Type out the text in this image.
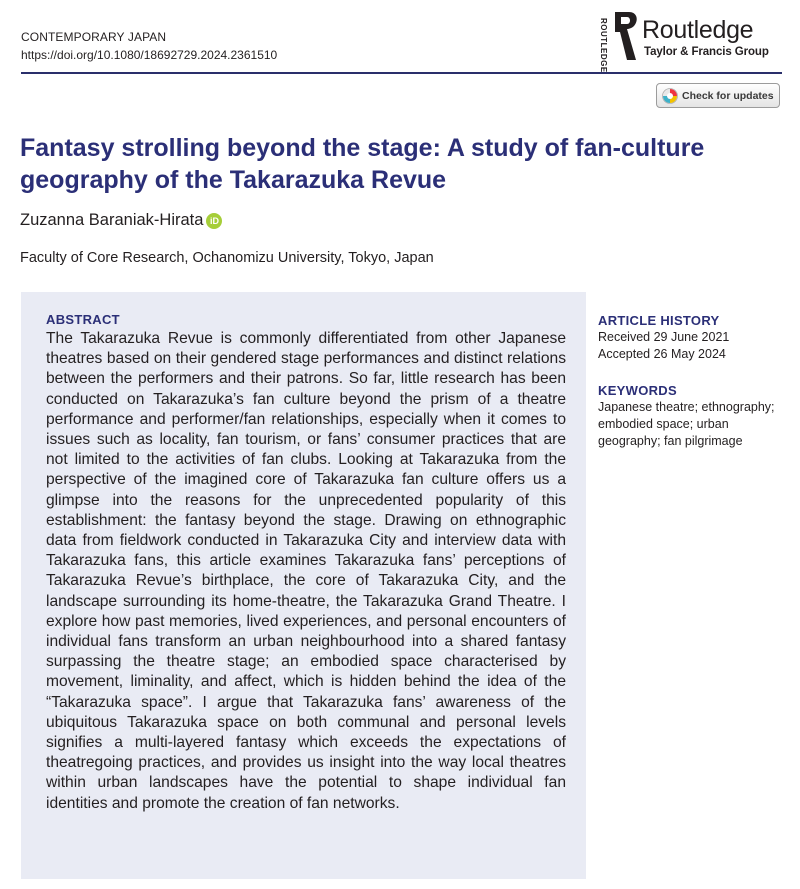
CONTEMPORARY JAPAN
https://doi.org/10.1080/18692729.2024.2361510	ROUTLEDGE Routledge
Taylor & Francis Group
Check for updates
Fantasy strolling beyond the stage: A study of fan-culture geography of the Takarazuka Revue
Zuzanna Baraniak-Hirata iD
Faculty of Core Research, Ochanomizu University, Tokyo, Japan
ABSTRACT
The Takarazuka Revue is commonly differentiated from other Japanese theatres based on their gendered stage performances and distinct relations between the performers and their patrons. So far, little research has been conducted on Takarazuka’s fan culture beyond the prism of a theatre performance and performer/fan relationships, especially when it comes to issues such as locality, fan tourism, or fans’ consumer practices that are not limited to the activities of fan clubs. Looking at Takarazuka from the perspective of the imagined core of Takarazuka fan culture offers us a glimpse into the reasons for the unprecedented popularity of this establishment: the fantasy beyond the stage. Drawing on ethnographic data from fieldwork conducted in Takarazuka City and interview data with Takarazuka fans, this article examines Takarazuka fans’ perceptions of Takarazuka Revue’s birthplace, the core of Takarazuka City, and the landscape surrounding its home-theatre, the Takarazuka Grand Theatre. I explore how past memories, lived experiences, and personal encounters of individual fans transform an urban neighbourhood into a shared fantasy surpassing the theatre stage; an embodied space characterised by movement, liminality, and affect, which is hidden behind the idea of the “Takarazuka space”. I argue that Takarazuka fans’ awareness of the ubiquitous Takarazuka space on both communal and personal levels signifies a multi-layered fantasy which exceeds the expectations of theatregoing practices, and provides us insight into the way local theatres within urban landscapes have the potential to shape individual fan identities and promote the creation of fan networks.
ARTICLE HISTORY
Received 29 June 2021
Accepted 26 May 2024
KEYWORDS
Japanese theatre; ethnography; embodied space; urban geography; fan pilgrimage
